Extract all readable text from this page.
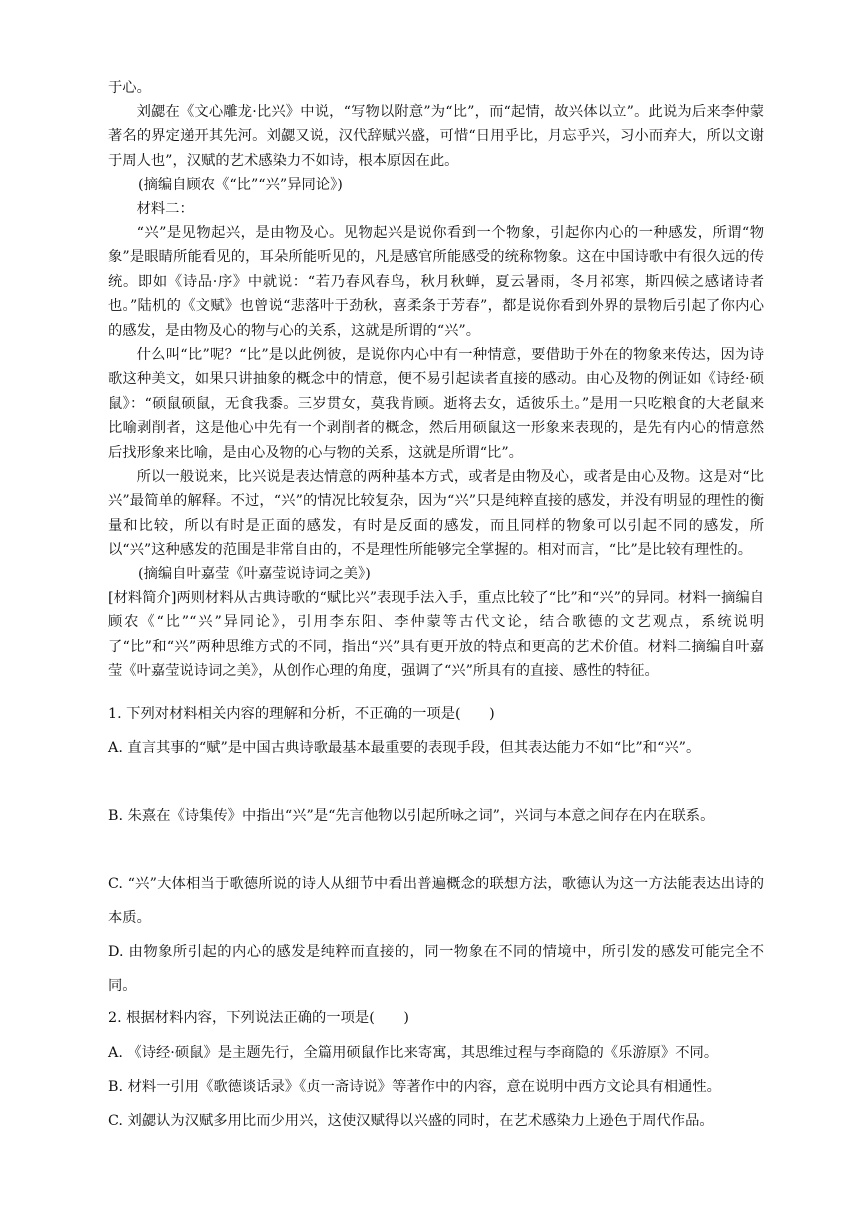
于心。

刘勰在《文心雕龙·比兴》中说，“写物以附意”为“比”，而“起情，故兴体以立”。此说为后来李仲蒙著名的界定递开其先河。刘勰又说，汉代辞赋兴盛，可惜“日用乎比，月忘乎兴，习小而弃大，所以文谢于周人也”，汉赋的艺术感染力不如诗，根本原因在此。

(摘编自顾农《“比”“兴”异同论》)

材料二：

“兴”是见物起兴，是由物及心。见物起兴是说你看到一个物象，引起你内心的一种感发，所谓“物象”是眼睛所能看见的，耳朵所能听见的，凡是感官所能感受的统称物象。这在中国诗歌中有很久远的传统。即如《诗品·序》中就说：“若乃春风春鸟，秋月秋蝉，夏云暑雨，冬月祁寒，斯四候之感诸诗者也。”陆机的《文赋》也曾说“悲落叶于劲秋，喜柔条于芳春”，都是说你看到外界的景物后引起了你内心的感发，是由物及心的物与心的关系，这就是所谓的“兴”。

什么叫“比”呢？“比”是以此例彼，是说你内心中有一种情意，要借助于外在的物象来传达，因为诗歌这种美文，如果只讲抽象的概念中的情意，便不易引起读者直接的感动。由心及物的例证如《诗经·硕鼠》：“硕鼠硕鼠，无食我黍。三岁贯女，莫我肯顾。逝将去女，适彼乐土。”是用一只吃粮食的大老鼠来比喻剥削者，这是他心中先有一个剥削者的概念，然后用硕鼠这一形象来表现的，是先有内心的情意然后找形象来比喻，是由心及物的心与物的关系，这就是所谓“比”。

所以一般说来，比兴说是表达情意的两种基本方式，或者是由物及心，或者是由心及物。这是对“比兴”最简单的解释。不过，“兴”的情况比较复杂，因为“兴”只是纯粹直接的感发，并没有明显的理性的衡量和比较，所以有时是正面的感发，有时是反面的感发，而且同样的物象可以引起不同的感发，所以“兴”这种感发的范围是非常自由的，不是理性所能够完全掌握的。相对而言，“比”是比较有理性的。

(摘编自叶嘉莹《叶嘉莹说诗词之美》)

[材料简介]两则材料从古典诗歌的“赋比兴”表现手法入手，重点比较了“比”和“兴”的异同。材料一摘编自顾农《“比”“兴”异同论》，引用李东阳、李仲蒙等古代文论，结合歌德的文艺观点，系统说明了“比”和“兴”两种思维方式的不同，指出“兴”具有更开放的特点和更高的艺术价值。材料二摘编自叶嘉莹《叶嘉莹说诗词之美》，从创作心理的角度，强调了“兴”所具有的直接、感性的特征。

1. 下列对材料相关内容的理解和分析，不正确的一项是(　　)

A. 直言其事的“赋”是中国古典诗歌最基本最重要的表现手段，但其表达能力不如“比”和“兴”。

B. 朱熹在《诗集传》中指出“兴”是“先言他物以引起所咏之词”，兴词与本意之间存在内在联系。

C. “兴”大体相当于歌德所说的诗人从细节中看出普遍概念的联想方法，歌德认为这一方法能表达出诗的本质。

D. 由物象所引起的内心的感发是纯粹而直接的，同一物象在不同的情境中，所引发的感发可能完全不同。

2. 根据材料内容，下列说法正确的一项是(　　)

A. 《诗经·硕鼠》是主题先行，全篇用硕鼠作比来寄寓，其思维过程与李商隐的《乐游原》不同。

B. 材料一引用《歌德谈话录》《贞一斋诗说》等著作中的内容，意在说明中西方文论具有相通性。

C. 刘勰认为汉赋多用比而少用兴，这使汉赋得以兴盛的同时，在艺术感染力上逊色于周代作品。
